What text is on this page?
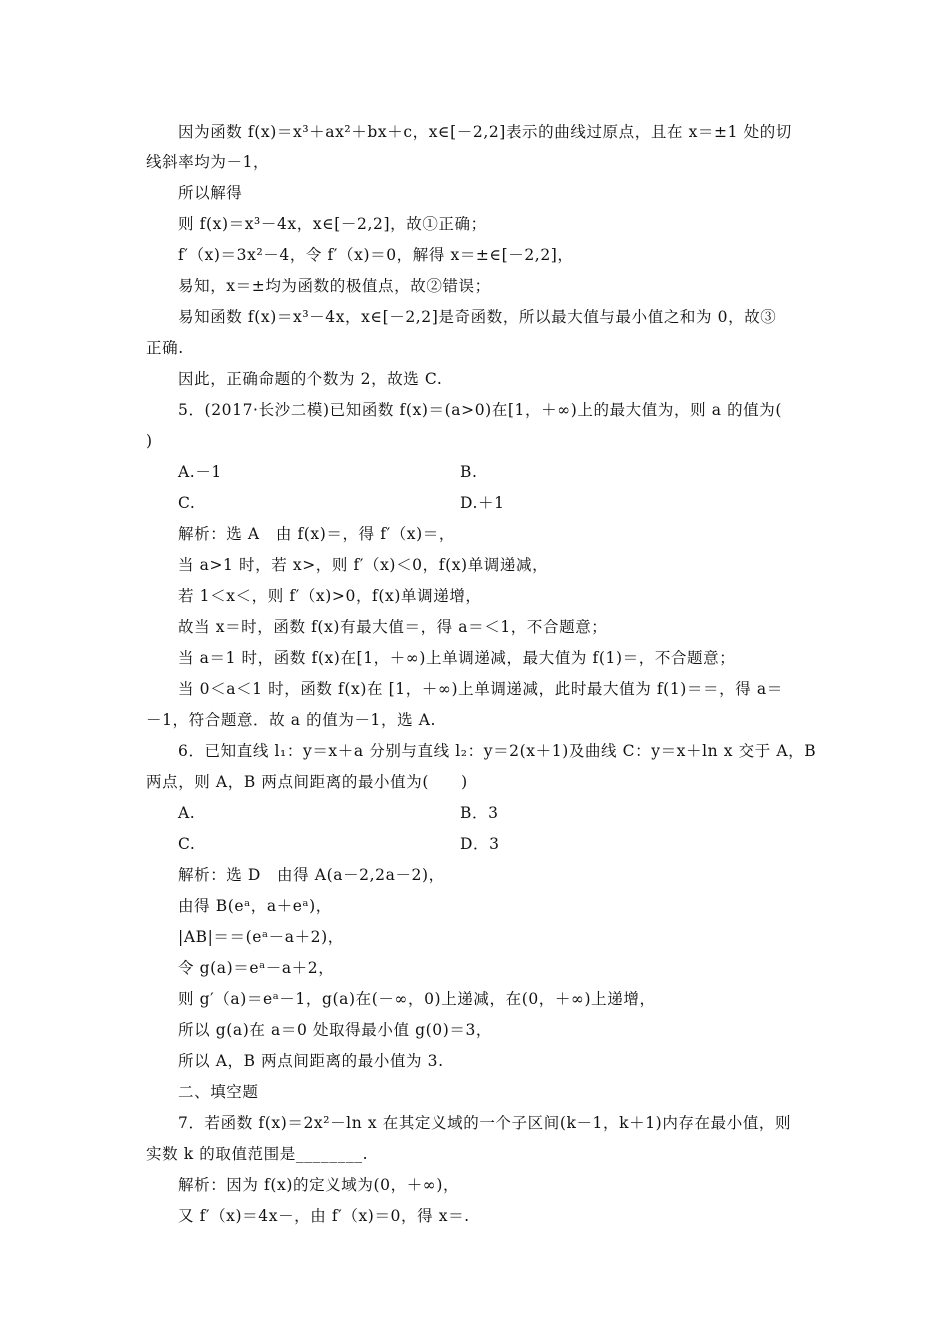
因为函数 f(x)＝x³＋ax²＋bx＋c，x∈[－2,2]表示的曲线过原点，且在 x＝±1 处的切
线斜率均为－1，
所以解得
则 f(x)＝x³－4x，x∈[－2,2]，故①正确；
f′（x)＝3x²－4，令 f′（x)＝0，解得 x＝±∈[－2,2]，
易知，x＝±均为函数的极值点，故②错误；
易知函数 f(x)＝x³－4x，x∈[－2,2]是奇函数，所以最大值与最小值之和为 0，故③
正确.
因此，正确命题的个数为 2，故选 C.
5．(2017·长沙二模)已知函数 f(x)＝(a>0)在[1，＋∞)上的最大值为，则 a 的值为(
)
A.－1	B.
C.	D.＋1
解析：选 A　由 f(x)＝，得 f′（x)＝，
当 a>1 时，若 x>，则 f′（x)＜0，f(x)单调递减，
若 1＜x＜，则 f′（x)>0，f(x)单调递增，
故当 x＝时，函数 f(x)有最大值＝，得 a＝＜1，不合题意；
当 a＝1 时，函数 f(x)在[1，＋∞)上单调递减，最大值为 f(1)＝，不合题意；
当 0＜a＜1 时，函数 f(x)在 [1，＋∞)上单调递减，此时最大值为 f(1)＝＝，得 a＝
－1，符合题意．故 a 的值为－1，选 A.
6．已知直线 l₁：y＝x＋a 分别与直线 l₂：y＝2(x＋1)及曲线 C：y＝x＋ln x 交于 A，B
两点，则 A，B 两点间距离的最小值为(　　)
A.	B．3
C.	D．3
解析：选 D　由得 A(a－2,2a－2)，
由得 B(eᵃ，a＋eᵃ)，
|AB|＝＝(eᵃ－a＋2)，
令 g(a)＝eᵃ－a＋2，
则 g′（a)＝eᵃ－1，g(a)在(－∞，0)上递减，在(0，＋∞)上递增，
所以 g(a)在 a＝0 处取得最小值 g(0)＝3，
所以 A，B 两点间距离的最小值为 3.
二、填空题
7．若函数 f(x)＝2x²－ln x 在其定义域的一个子区间(k－1，k＋1)内存在最小值，则
实数 k 的取值范围是________.
解析：因为 f(x)的定义域为(0，＋∞)，
又 f′（x)＝4x－，由 f′（x)＝0，得 x＝.
